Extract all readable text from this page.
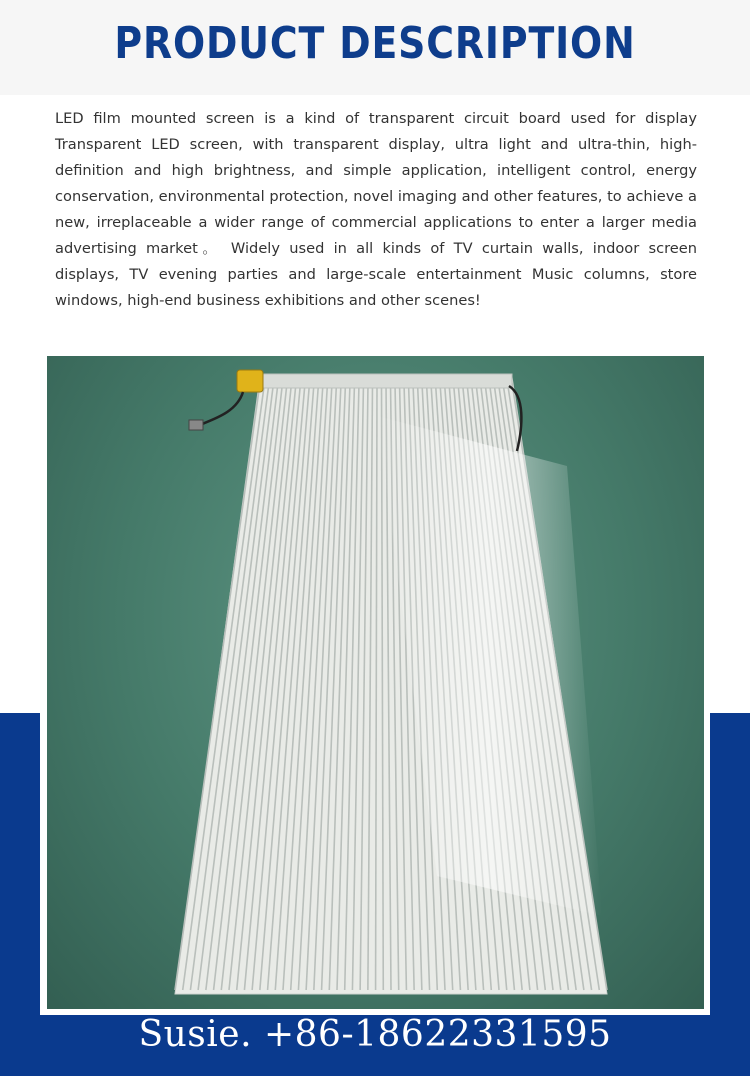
PRODUCT DESCRIPTION

LED film mounted screen is a kind of transparent circuit board used for display Transparent LED screen, with transparent display, ultra light and ultra-thin, high-definition and high brightness, and simple application, intelligent control, energy conservation, environmental protection, novel imaging and other features, to achieve a new, irreplaceable a wider range of commercial applications to enter a larger media advertising market。 Widely used in all kinds of TV curtain walls, indoor screen displays, TV evening parties and large-scale entertainment Music columns, store windows, high-end business exhibitions and other scenes!

Susie. +86-18622331595
